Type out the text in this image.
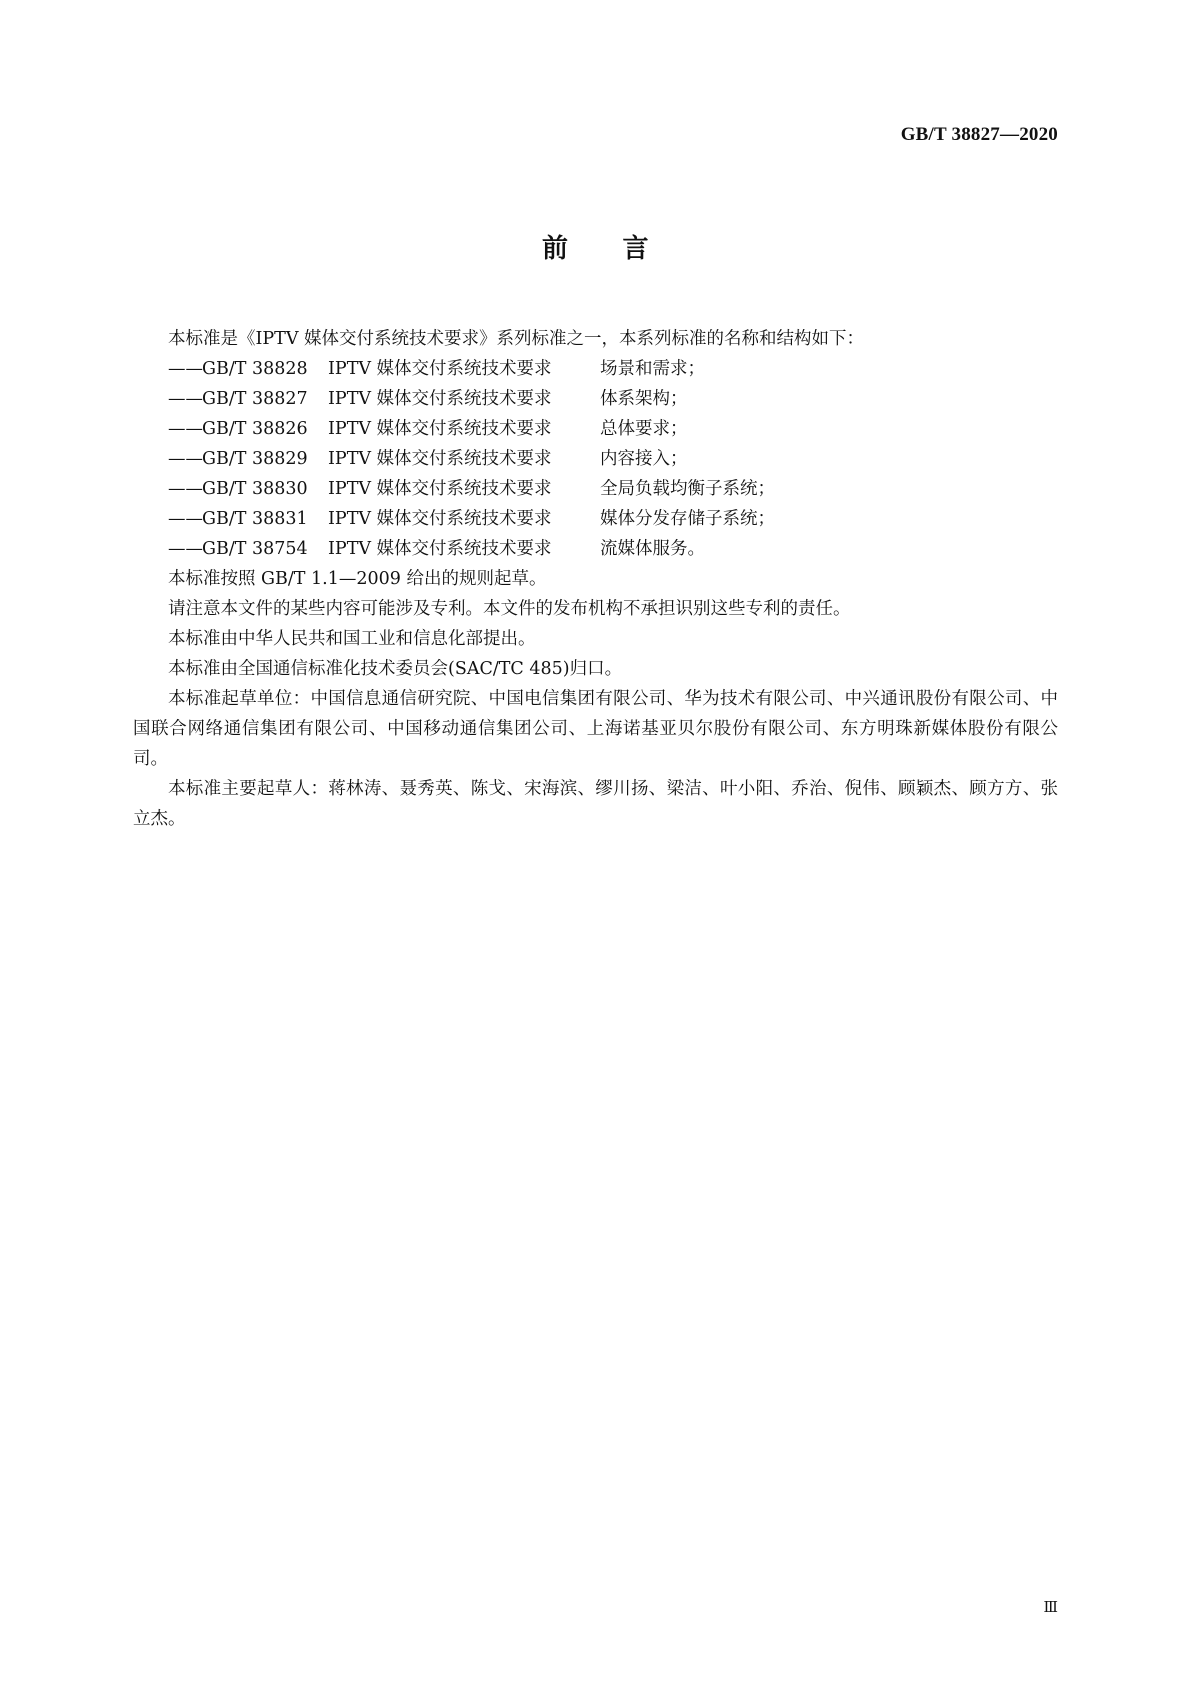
GB/T 38827—2020
前 言

本标准是《IPTV 媒体交付系统技术要求》系列标准之一，本系列标准的名称和结构如下：

——GB/T 38828 IPTV 媒体交付系统技术要求	场景和需求；
——GB/T 38827 IPTV 媒体交付系统技术要求	体系架构；
——GB/T 38826 IPTV 媒体交付系统技术要求	总体要求；
——GB/T 38829 IPTV 媒体交付系统技术要求	内容接入；
——GB/T 38830 IPTV 媒体交付系统技术要求	全局负载均衡子系统；
——GB/T 38831 IPTV 媒体交付系统技术要求	媒体分发存储子系统；
——GB/T 38754 IPTV 媒体交付系统技术要求	流媒体服务。

本标准按照 GB/T 1.1—2009 给出的规则起草。

请注意本文件的某些内容可能涉及专利。本文件的发布机构不承担识别这些专利的责任。

本标准由中华人民共和国工业和信息化部提出。

本标准由全国通信标准化技术委员会(SAC/TC 485)归口。

本标准起草单位：中国信息通信研究院、中国电信集团有限公司、华为技术有限公司、中兴通讯股份有限公司、中国联合网络通信集团有限公司、中国移动通信集团公司、上海诺基亚贝尔股份有限公司、东方明珠新媒体股份有限公司。

本标准主要起草人：蒋林涛、聂秀英、陈戈、宋海滨、缪川扬、梁洁、叶小阳、乔治、倪伟、顾颖杰、顾方方、张立杰。

Ⅲ
